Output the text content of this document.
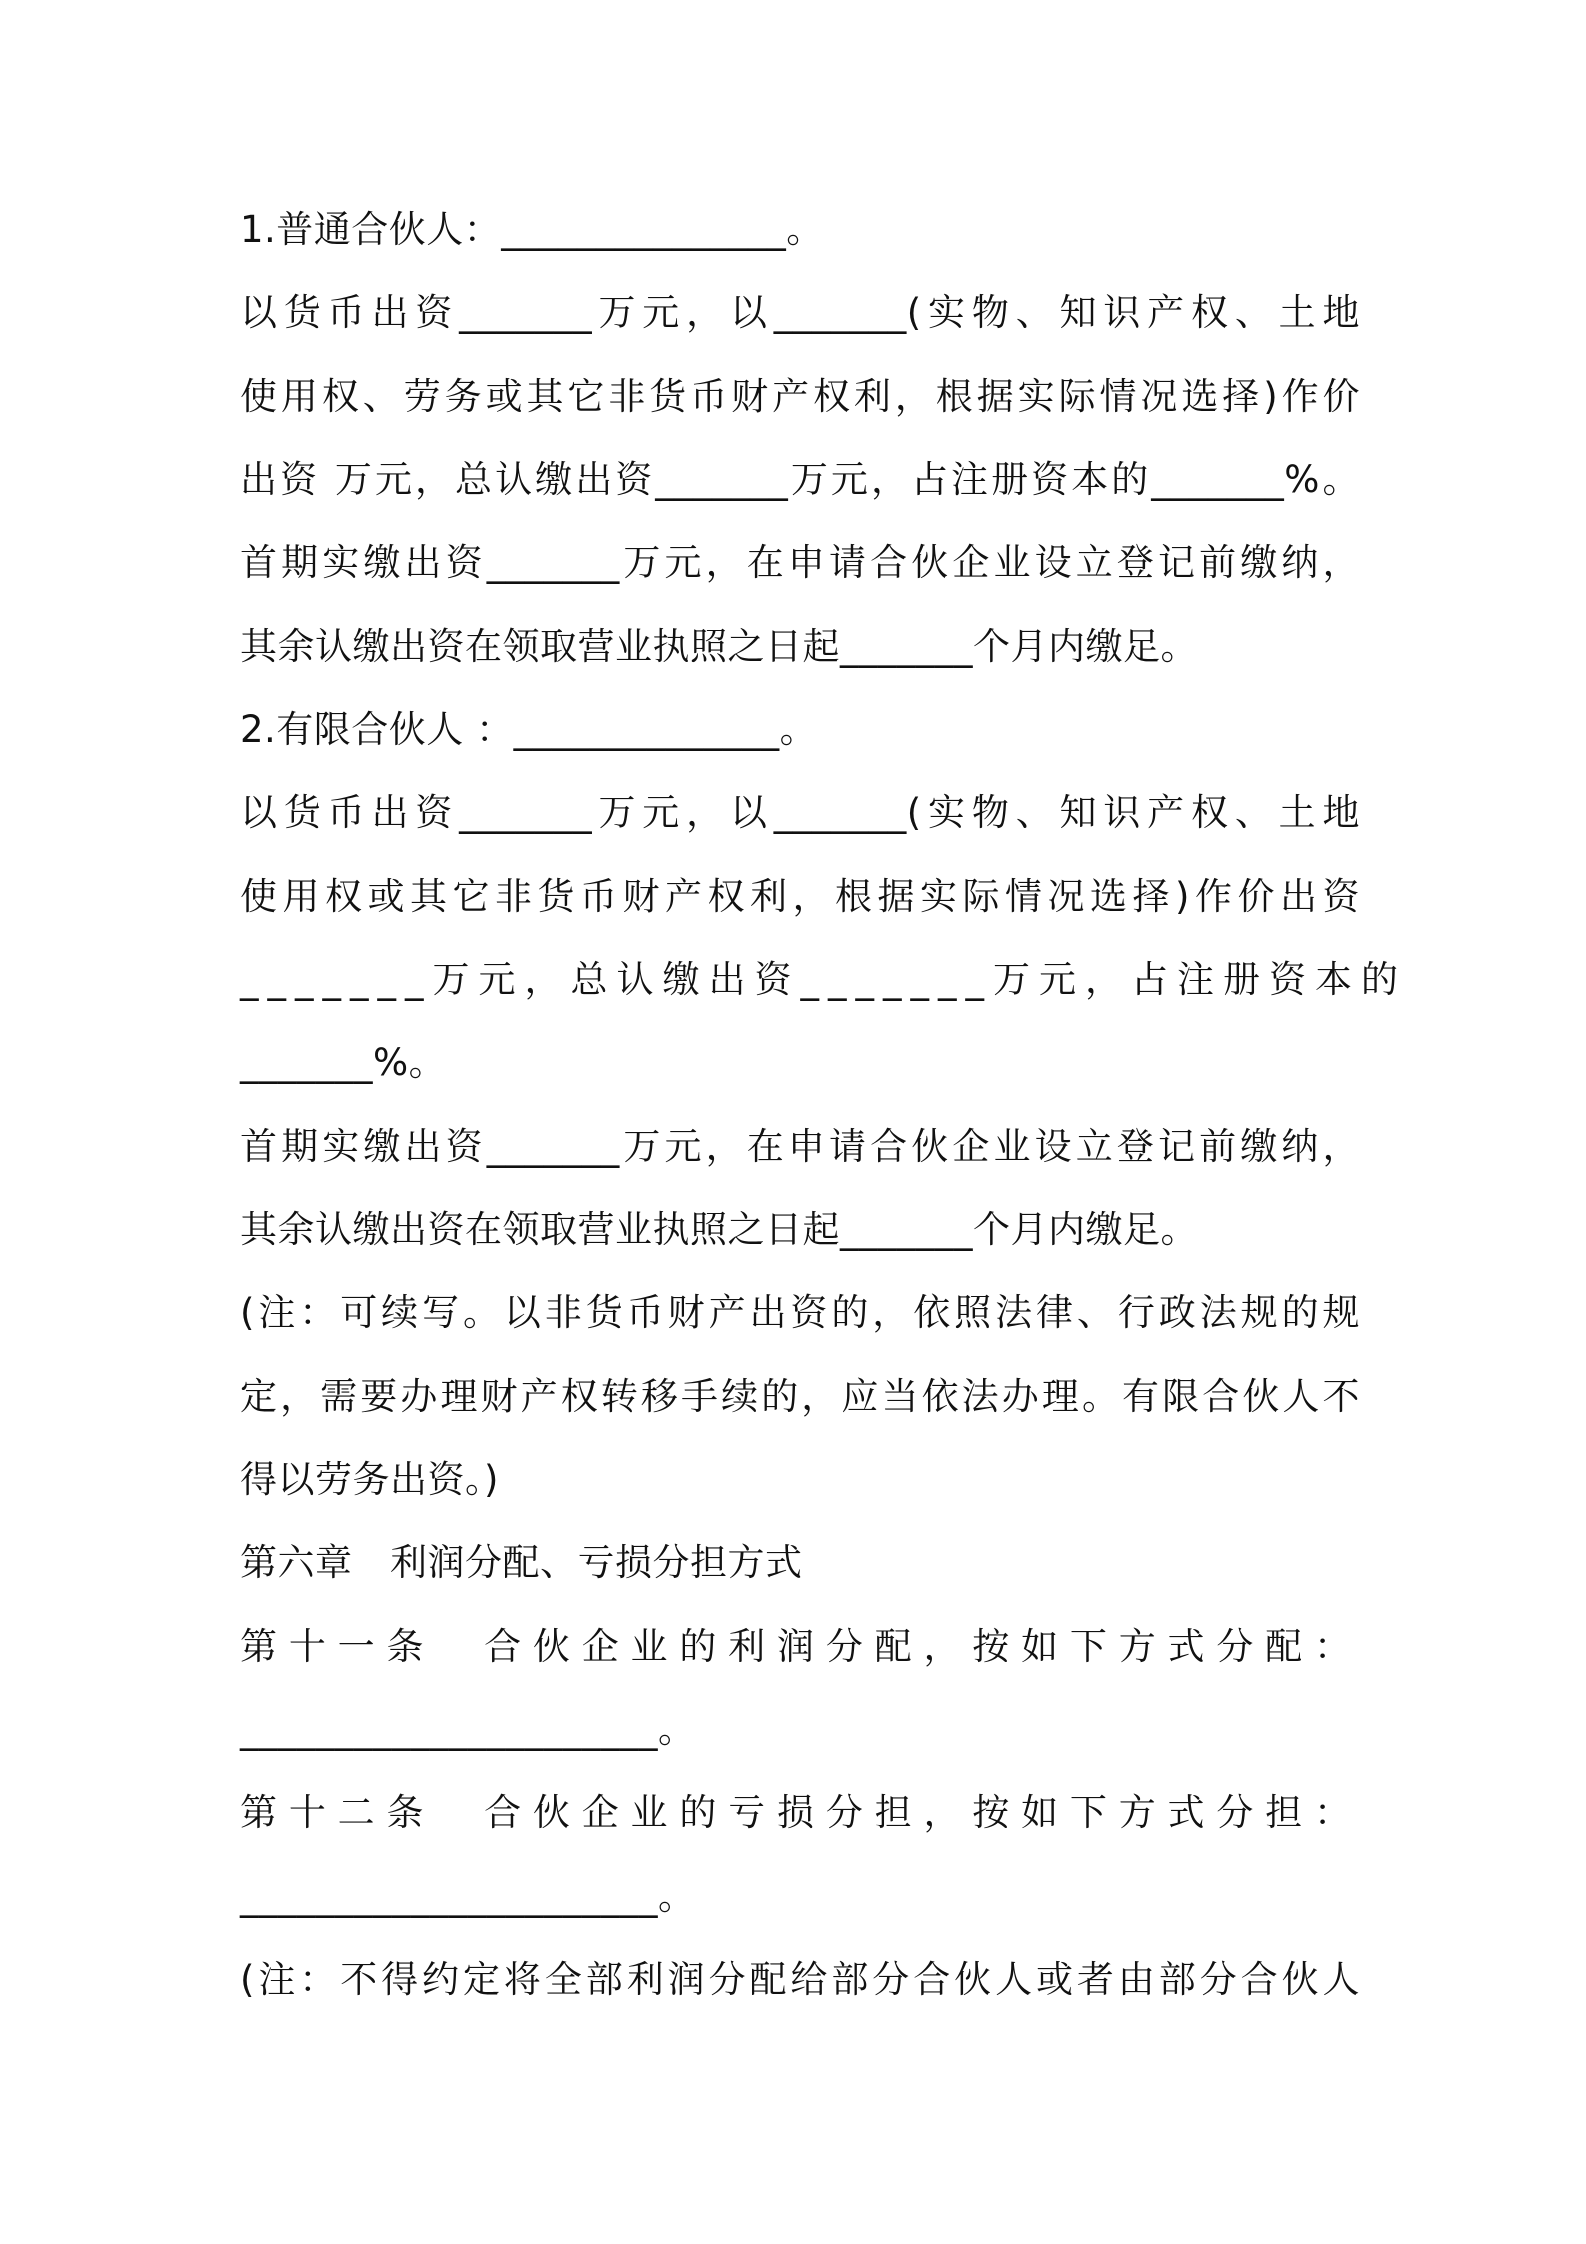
1.普通合伙人：_______________。
以货币出资_______万元，以_______(实物、知识产权、土地
使用权、劳务或其它非货币财产权利，根据实际情况选择)作价
出资 万元，总认缴出资_______万元，占注册资本的_______%。
首期实缴出资_______万元，在申请合伙企业设立登记前缴纳，
其余认缴出资在领取营业执照之日起_______个月内缴足。
2.有限合伙人 ：______________。
以货币出资_______万元，以_______(实物、知识产权、土地
使用权或其它非货币财产权利，根据实际情况选择)作价出资
_______万元，总认缴出资_______万元，占注册资本的
_______%。
首期实缴出资_______万元，在申请合伙企业设立登记前缴纳，
其余认缴出资在领取营业执照之日起_______个月内缴足。
(注：可续写。以非货币财产出资的，依照法律、行政法规的规
定，需要办理财产权转移手续的，应当依法办理。有限合伙人不
得以劳务出资。)
第六章　利润分配、亏损分担方式
第十一条　合伙企业的利润分配，按如下方式分配：
______________________。
第十二条　合伙企业的亏损分担，按如下方式分担：
______________________。
(注：不得约定将全部利润分配给部分合伙人或者由部分合伙人
